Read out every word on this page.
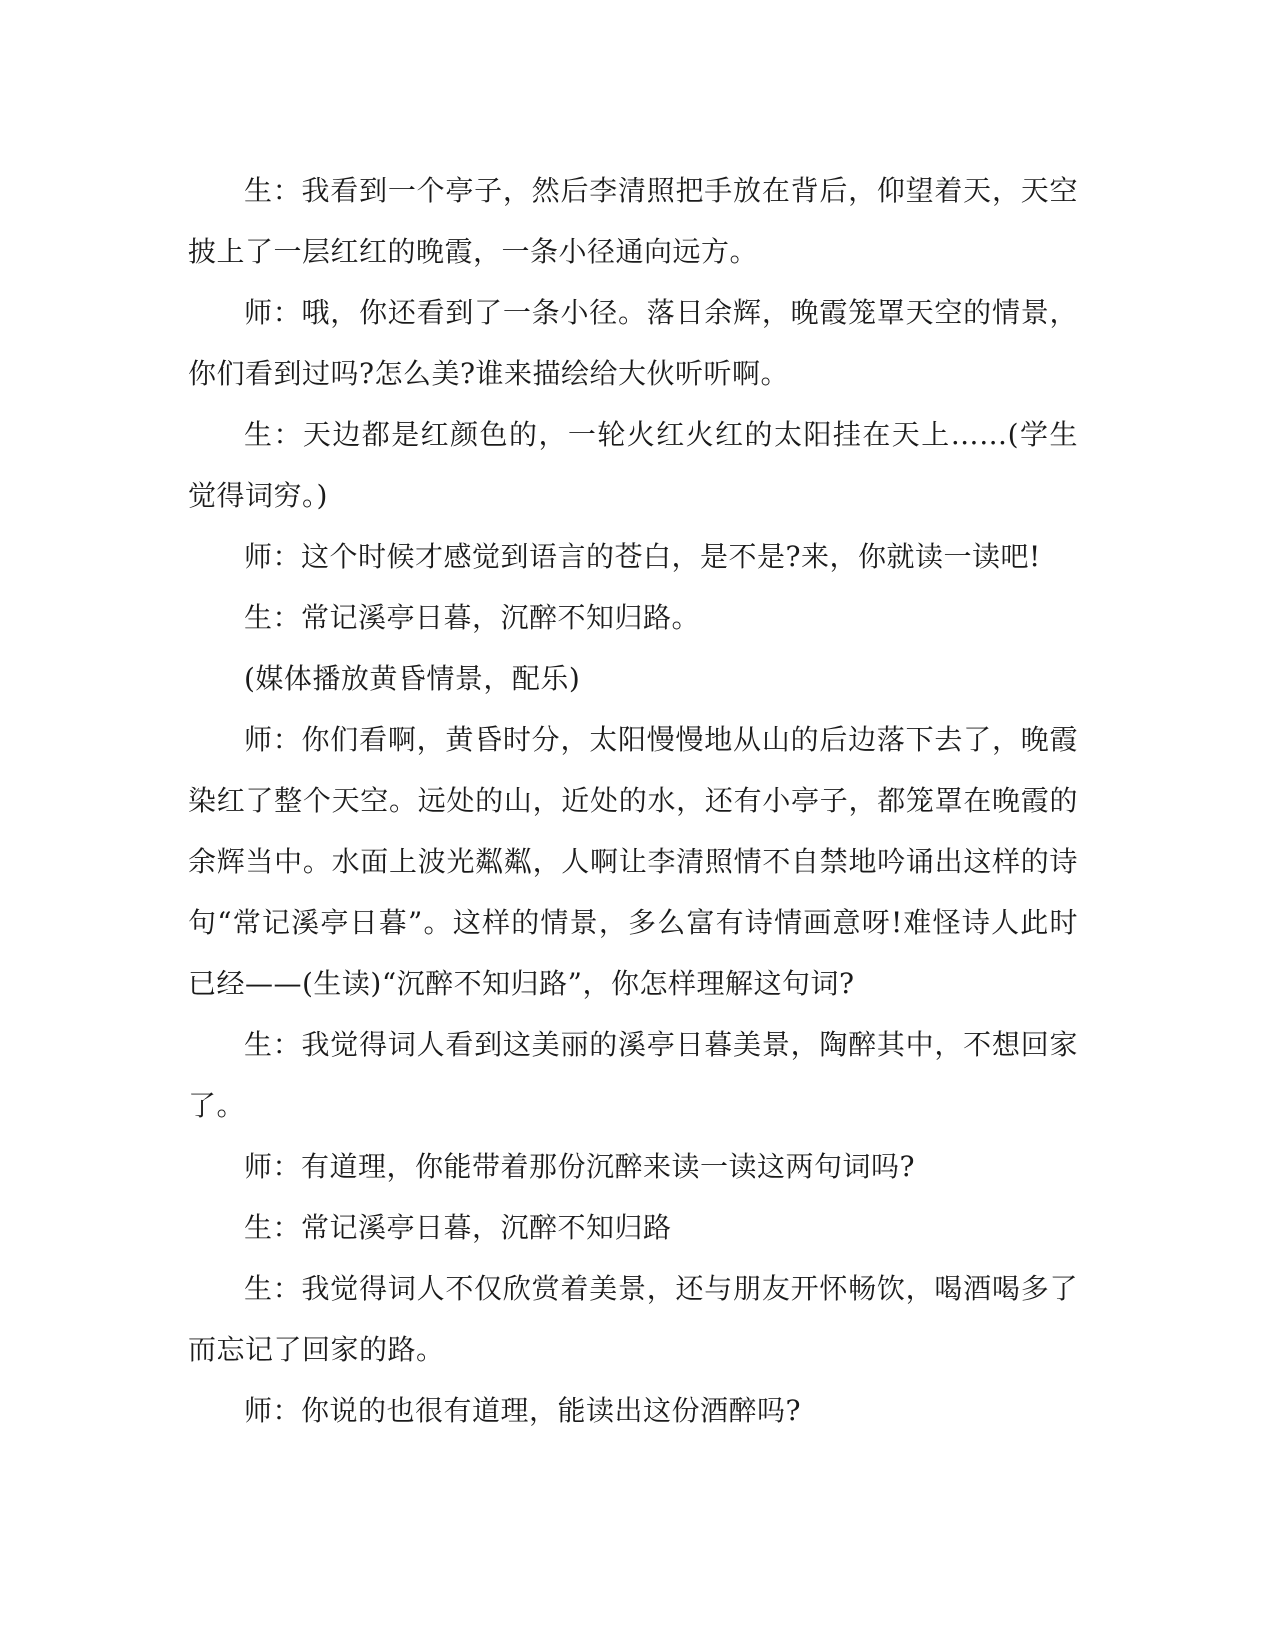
生：我看到一个亭子，然后李清照把手放在背后，仰望着天，天空披上了一层红红的晚霞，一条小径通向远方。

师：哦，你还看到了一条小径。落日余辉，晚霞笼罩天空的情景，你们看到过吗?怎么美?谁来描绘给大伙听听啊。

生：天边都是红颜色的，一轮火红火红的太阳挂在天上……(学生觉得词穷。)

师：这个时候才感觉到语言的苍白，是不是?来，你就读一读吧!

生：常记溪亭日暮，沉醉不知归路。

(媒体播放黄昏情景，配乐)

师：你们看啊，黄昏时分，太阳慢慢地从山的后边落下去了，晚霞染红了整个天空。远处的山，近处的水，还有小亭子，都笼罩在晚霞的余辉当中。水面上波光粼粼，人啊让李清照情不自禁地吟诵出这样的诗句“常记溪亭日暮”。这样的情景，多么富有诗情画意呀!难怪诗人此时已经——(生读)“沉醉不知归路”，你怎样理解这句词?

生：我觉得词人看到这美丽的溪亭日暮美景，陶醉其中，不想回家了。

师：有道理，你能带着那份沉醉来读一读这两句词吗?

生：常记溪亭日暮，沉醉不知归路

生：我觉得词人不仅欣赏着美景，还与朋友开怀畅饮，喝酒喝多了而忘记了回家的路。

师：你说的也很有道理，能读出这份酒醉吗?
